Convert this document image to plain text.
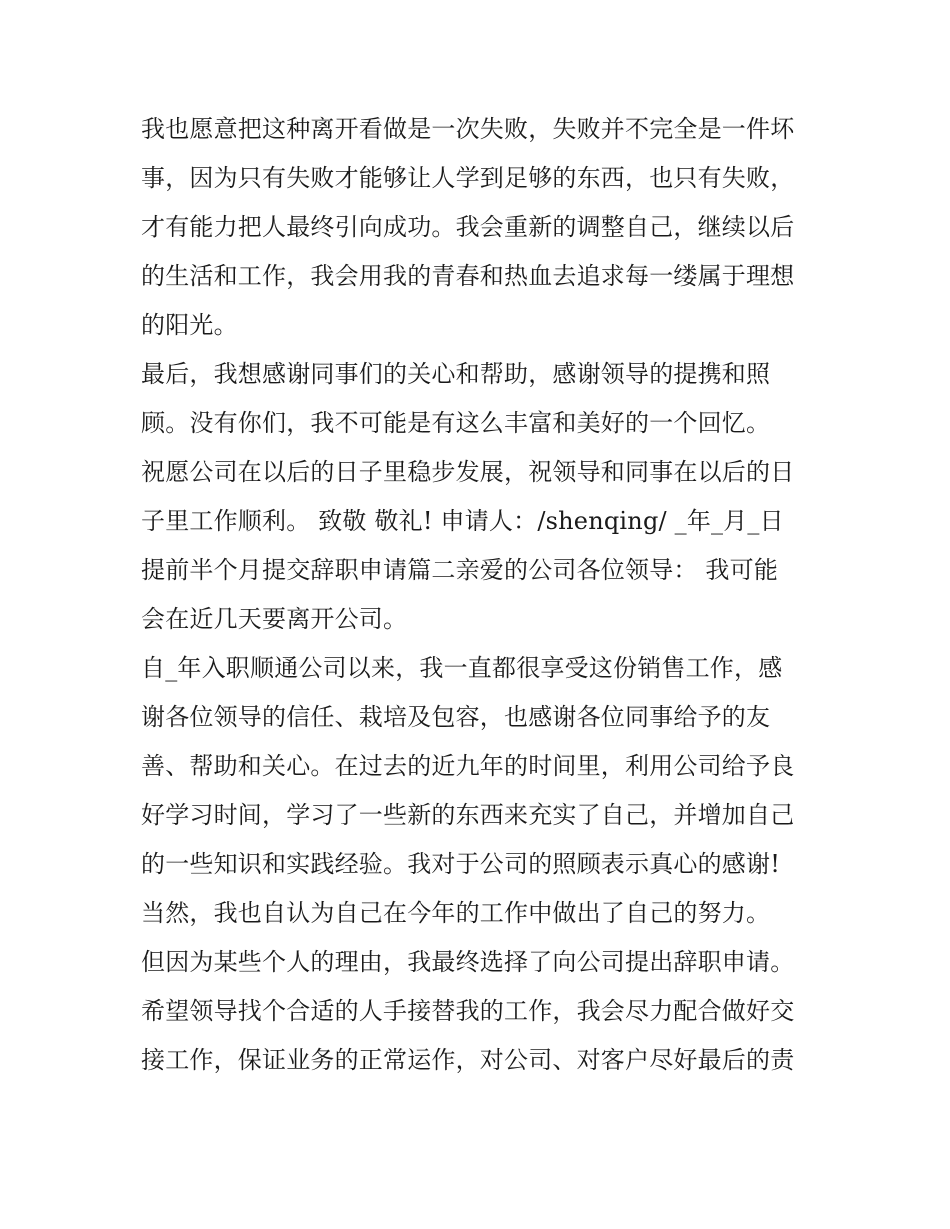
我也愿意把这种离开看做是一次失败，失败并不完全是一件坏
事，因为只有失败才能够让人学到足够的东西，也只有失败，
才有能力把人最终引向成功。我会重新的调整自己，继续以后
的生活和工作，我会用我的青春和热血去追求每一缕属于理想
的阳光。
最后，我想感谢同事们的关心和帮助，感谢领导的提携和照
顾。没有你们，我不可能是有这么丰富和美好的一个回忆。
祝愿公司在以后的日子里稳步发展，祝领导和同事在以后的日
子里工作顺利。 致敬 敬礼! 申请人：/shenqing/ _年_月_日
提前半个月提交辞职申请篇二亲爱的公司各位领导： 我可能
会在近几天要离开公司。
自_年入职顺通公司以来，我一直都很享受这份销售工作，感
谢各位领导的信任、栽培及包容，也感谢各位同事给予的友
善、帮助和关心。在过去的近九年的时间里，利用公司给予良
好学习时间，学习了一些新的东西来充实了自己，并增加自己
的一些知识和实践经验。我对于公司的照顾表示真心的感谢!
当然，我也自认为自己在今年的工作中做出了自己的努力。
但因为某些个人的理由，我最终选择了向公司提出辞职申请。
希望领导找个合适的人手接替我的工作，我会尽力配合做好交
接工作，保证业务的正常运作，对公司、对客户尽好最后的责
